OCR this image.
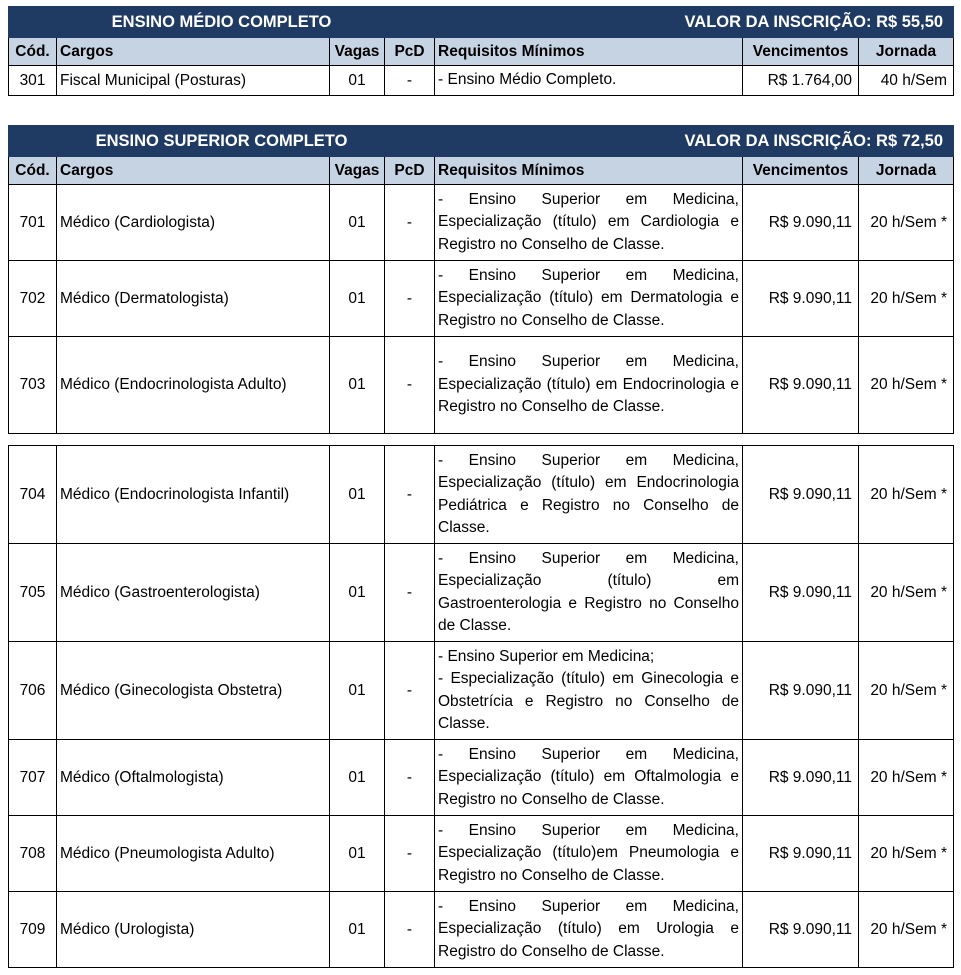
ENSINO MÉDIO COMPLETO				VALOR DA INSCRIÇÃO: R$ 55,50		
Cód.	Cargos	Vagas	PcD	Requisitos Mínimos	Vencimentos	Jornada
301	Fiscal Municipal (Posturas)	01	-	- Ensino Médio Completo.	R$ 1.764,00	40 h/Sem
ENSINO SUPERIOR COMPLETO				VALOR DA INSCRIÇÃO: R$ 72,50		
Cód.	Cargos	Vagas	PcD	Requisitos Mínimos	Vencimentos	Jornada
701	Médico (Cardiologista)	01	-	- Ensino Superior em Medicina, Especialização (título) em Cardiologia e Registro no Conselho de Classe.	R$ 9.090,11	20 h/Sem *
702	Médico (Dermatologista)	01	-	- Ensino Superior em Medicina, Especialização (título) em Dermatologia e Registro no Conselho de Classe.	R$ 9.090,11	20 h/Sem *
703	Médico (Endocrinologista Adulto)	01	-	- Ensino Superior em Medicina, Especialização (título) em Endocrinologia e Registro no Conselho de Classe.	R$ 9.090,11	20 h/Sem *
704	Médico (Endocrinologista Infantil)	01	-	- Ensino Superior em Medicina, Especialização (título) em Endocrinologia Pediátrica e Registro no Conselho de Classe.	R$ 9.090,11	20 h/Sem *
705	Médico (Gastroenterologista)	01	-	- Ensino Superior em Medicina, Especialização (título) em Gastroenterologia e Registro no Conselho de Classe.	R$ 9.090,11	20 h/Sem *
706	Médico (Ginecologista Obstetra)	01	-	- Ensino Superior em Medicina;
- Especialização (título) em Ginecologia e Obstetrícia e Registro no Conselho de Classe.	R$ 9.090,11	20 h/Sem *
707	Médico (Oftalmologista)	01	-	- Ensino Superior em Medicina, Especialização (título) em Oftalmologia e Registro no Conselho de Classe.	R$ 9.090,11	20 h/Sem *
708	Médico (Pneumologista Adulto)	01	-	- Ensino Superior em Medicina, Especialização (título)em Pneumologia e Registro no Conselho de Classe.	R$ 9.090,11	20 h/Sem *
709	Médico (Urologista)	01	-	- Ensino Superior em Medicina, Especialização (título) em Urologia e Registro do Conselho de Classe.	R$ 9.090,11	20 h/Sem *
